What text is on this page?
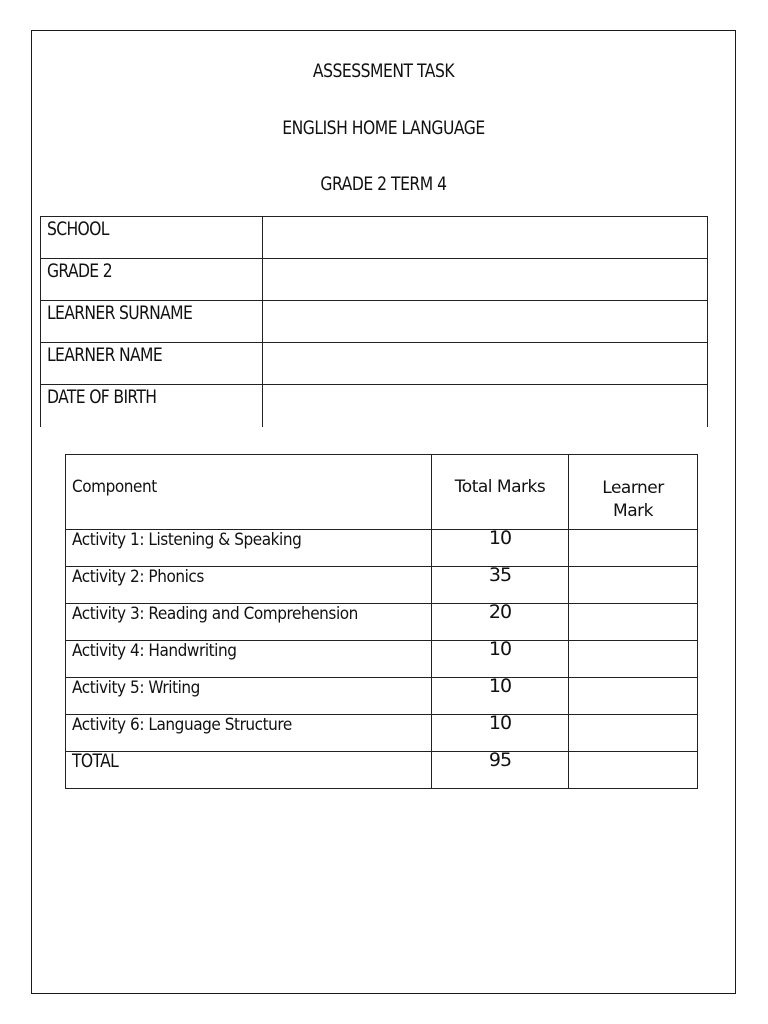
ASSESSMENT TASK
ENGLISH HOME LANGUAGE
GRADE 2 TERM 4
SCHOOL	
GRADE 2	
LEARNER SURNAME	
LEARNER NAME	
DATE OF BIRTH	
Component	Total Marks	Learner
Mark

Activity 1: Listening & Speaking	10	

Activity 2: Phonics	35	

Activity 3: Reading and Comprehension	20	

Activity 4: Handwriting	10	

Activity 5: Writing	10	

Activity 6: Language Structure	10	

TOTAL	95	
